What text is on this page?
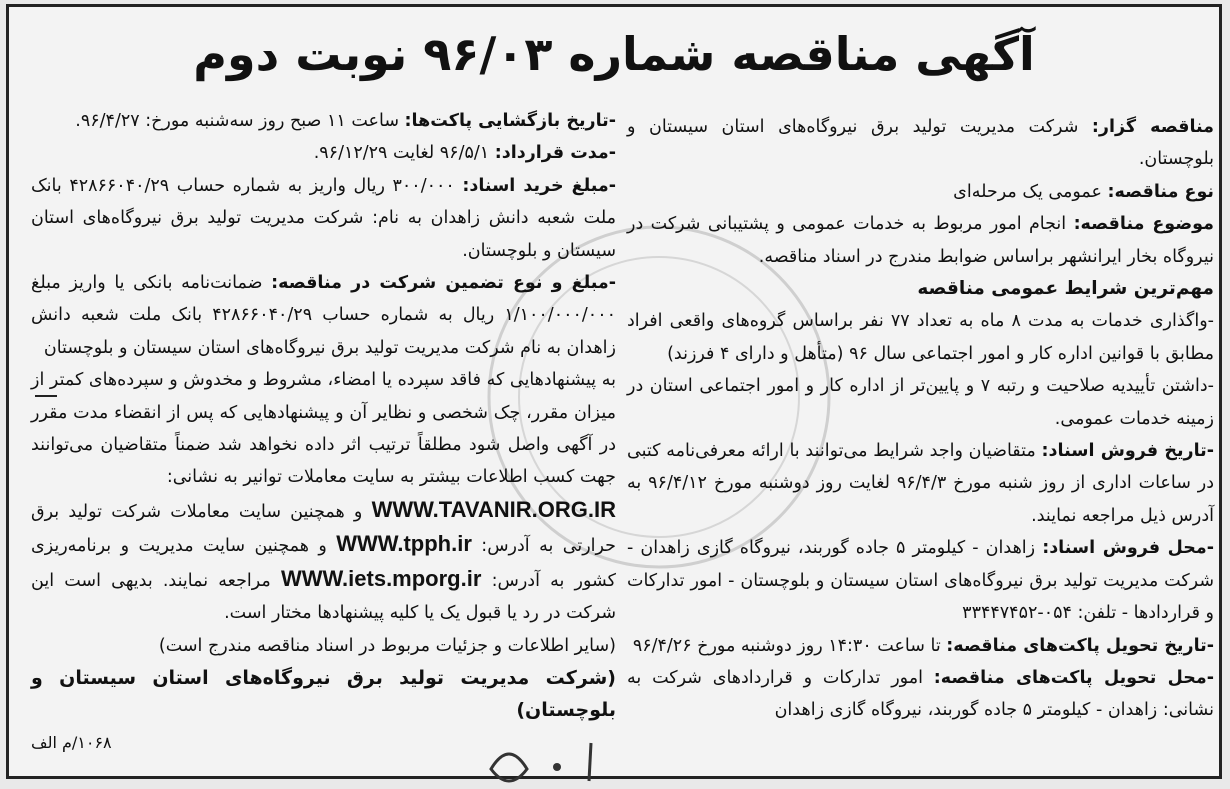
آگهی مناقصه شماره ۹۶/۰۳ نوبت دوم

مناقصه گزار: شرکت مدیریت تولید برق نیروگاه‌های استان سیستان و بلوچستان.

نوع مناقصه: عمومی یک مرحله‌ای

موضوع مناقصه: انجام امور مربوط به خدمات عمومی و پشتیبانی شرکت در نیروگاه بخار ایرانشهر براساس ضوابط مندرج در اسناد مناقصه.

مهم‌ترین شرایط عمومی مناقصه

-واگذاری خدمات به مدت ۸ ماه به تعداد ۷۷ نفر براساس گروه‌های واقعی افراد مطابق با قوانین اداره کار و امور اجتماعی سال ۹۶ (متأهل و دارای ۴ فرزند)

-داشتن تأییدیه صلاحیت و رتبه ۷ و پایین‌تر از اداره کار و امور اجتماعی استان در زمینه خدمات عمومی.

-تاریخ فروش اسناد: متقاضیان واجد شرایط می‌توانند با ارائه معرفی‌نامه کتبی در ساعات اداری از روز شنبه مورخ ۹۶/۴/۳ لغایت روز دوشنبه مورخ ۹۶/۴/۱۲ به آدرس ذیل مراجعه نمایند.

-محل فروش اسناد: زاهدان - کیلومتر ۵ جاده گوربند، نیروگاه گازی زاهدان - شرکت مدیریت تولید برق نیروگاه‌های استان سیستان و بلوچستان - امور تدارکات و قراردادها - تلفن: ۰۵۴-۳۳۴۴۷۴۵۲

-تاریخ تحویل پاکت‌های مناقصه: تا ساعت ۱۴:۳۰ روز دوشنبه مورخ ۹۶/۴/۲۶

-محل تحویل پاکت‌های مناقصه: امور تدارکات و قراردادهای شرکت به نشانی: زاهدان - کیلومتر ۵ جاده گوربند، نیروگاه گازی زاهدان

-تاریخ بازگشایی پاکت‌ها: ساعت ۱۱ صبح روز سه‌شنبه مورخ: ۹۶/۴/۲۷.

-مدت قرارداد: ۹۶/۵/۱ لغایت ۹۶/۱۲/۲۹.

-مبلغ خرید اسناد: ۳۰۰/۰۰۰ ریال واریز به شماره حساب ۴۲۸۶۶۰۴۰/۲۹ بانک ملت شعبه دانش زاهدان به نام: شرکت مدیریت تولید برق نیروگاه‌های استان سیستان و بلوچستان.

-مبلغ و نوع تضمین شرکت در مناقصه: ضمانت‌نامه بانکی یا واریز مبلغ ۱/۱۰۰/۰۰۰/۰۰۰ ریال به شماره حساب ۴۲۸۶۶۰۴۰/۲۹ بانک ملت شعبه دانش زاهدان به نام شرکت مدیریت تولید برق نیروگاه‌های استان سیستان و بلوچستان

به پیشنهادهایی که فاقد سپرده یا امضاء، مشروط و مخدوش و سپرده‌های کمتر از میزان مقرر، چک شخصی و نظایر آن و پیشنهادهایی که پس از انقضاء مدت مقرر در آگهی واصل شود مطلقاً ترتیب اثر داده نخواهد شد ضمناً متقاضیان می‌توانند جهت کسب اطلاعات بیشتر به سایت معاملات توانیر به نشانی:

WWW.TAVANIR.ORG.IR و همچنین سایت معاملات شرکت تولید برق حرارتی به آدرس: WWW.tpph.ir و همچنین سایت مدیریت و برنامه‌ریزی کشور به آدرس: WWW.iets.mporg.ir مراجعه نمایند. بدیهی است این شرکت در رد یا قبول یک یا کلیه پیشنهادها مختار است.

(سایر اطلاعات و جزئیات مربوط در اسناد مناقصه مندرج است)

(شرکت مدیریت تولید برق نیروگاه‌های استان سیستان و بلوچستان)

۱۰۶۸/م الف
